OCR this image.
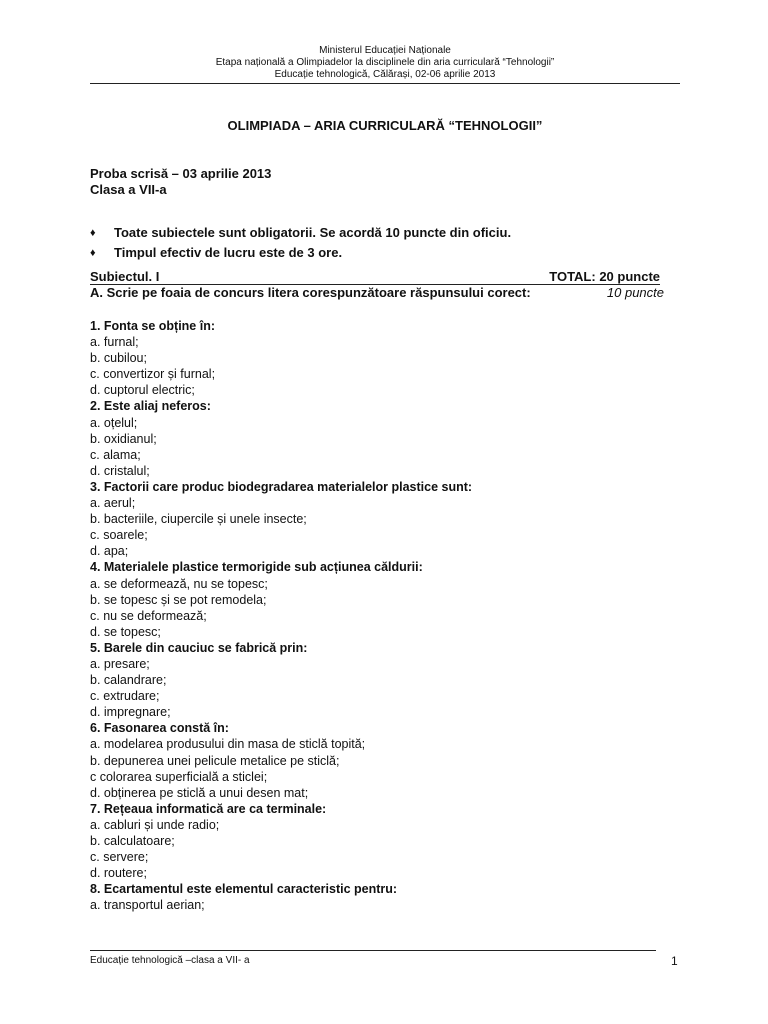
Ministerul Educației Naționale
Etapa națională a Olimpiadelor la disciplinele din aria curriculară “Tehnologii”
Educație tehnologică, Călărași, 02-06 aprilie 2013
OLIMPIADA – ARIA CURRICULARĂ “TEHNOLOGII”
Proba scrisă – 03 aprilie 2013
Clasa a VII-a
♦	Toate subiectele sunt obligatorii. Se acordă 10 puncte din oficiu.
♦	Timpul efectiv de lucru este de 3 ore.
Subiectul. I	TOTAL: 20 puncte
A. Scrie pe foaia de concurs litera corespunzătoare răspunsului corect:	10 puncte
1. Fonta se obține în:
a. furnal;
b. cubilou;
c. convertizor și furnal;
d. cuptorul electric;
2. Este aliaj neferos:
a. oțelul;
b. oxidianul;
c. alama;
d. cristalul;
3. Factorii care produc biodegradarea materialelor plastice sunt:
a. aerul;
b. bacteriile, ciupercile și unele insecte;
c. soarele;
d. apa;
4. Materialele plastice termorigide sub acțiunea căldurii:
a. se deformează, nu se topesc;
b. se topesc și se pot remodela;
c. nu se deformează;
d. se topesc;
5. Barele din cauciuc se fabrică prin:
a. presare;
b. calandrare;
c. extrudare;
d. impregnare;
6. Fasonarea constă în:
a. modelarea produsului din masa de sticlă topită;
b. depunerea unei pelicule metalice pe sticlă;
c colorarea superficială a sticlei;
d. obținerea pe sticlă a unui desen mat;
7. Rețeaua informatică are ca terminale:
a. cabluri și unde radio;
b. calculatoare;
c. servere;
d. routere;
8. Ecartamentul este elementul caracteristic pentru:
a. transportul aerian;
Educație tehnologică –clasa a VII- a	1
